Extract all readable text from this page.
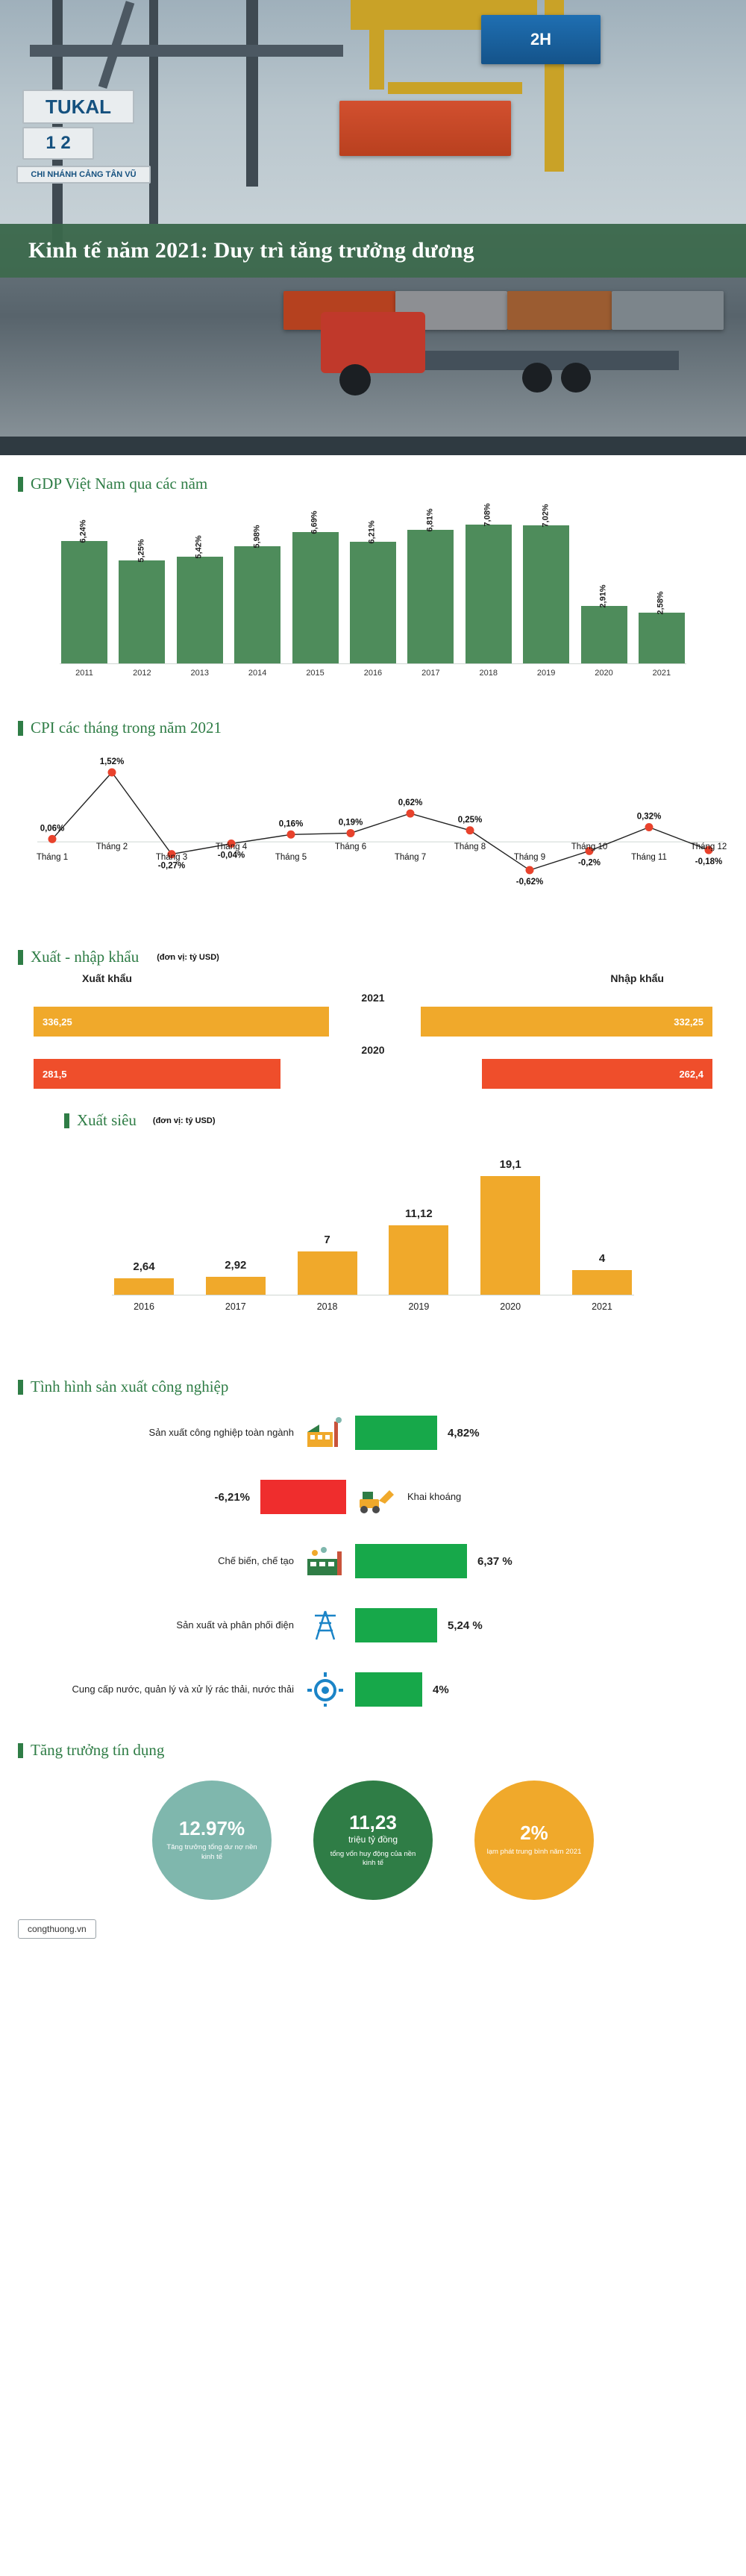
2H
TUKAL
1 2
CHI NHÁNH CẢNG TÂN VŨ
Kinh tế năm 2021: Duy trì tăng trưởng dương
GDP Việt Nam qua các năm
6,24%
5,25%	5,42%	5,98%
6,69%	6,21%
6,81%	7,08%	7,02%
2,91%	2,58%
2011	2012	2013	2014	2015	2016	2017	2018	2019	2020	2021
CPI các tháng trong năm 2021
0,06%
Tháng 1
1,52%
Tháng 2
-0,27%
Tháng 3	-0,04%
Tháng 4
0,16%
Tháng 5
0,19%
Tháng 6
0,62%
Tháng 7
0,25%
Tháng 8
-0,62%
Tháng 9
-0,2%
Tháng 10
0,32%
Tháng 11
-0,18%
Tháng 12
Xuất - nhập khẩu (đơn vị: tỷ USD)
Xuất khẩu	Nhập khẩu
2021
336,25	332,25
2020
281,5	262,4
Xuất siêu (đơn vị: tỷ USD)
2,64	2,92
7
11,12
19,1
4
2016	2017	2018	2019	2020	2021
Tình hình sản xuất công nghiệp
Sản xuất công nghiệp toàn ngành	4,82%
-6,21%	Khai khoáng
Chế biến, chế tạo	6,37 %
Sản xuất và phân phối điện	5,24 %
Cung cấp nước, quản lý và xử lý rác thải, nước thải	4%
Tăng trưởng tín dụng
12.97%
Tăng trưởng tổng dư nợ nền kinh tế
11,23
triệu tỷ đồng
tổng vốn huy động của nền kinh tế
2%
lạm phát trung bình năm 2021
congthuong.vn
